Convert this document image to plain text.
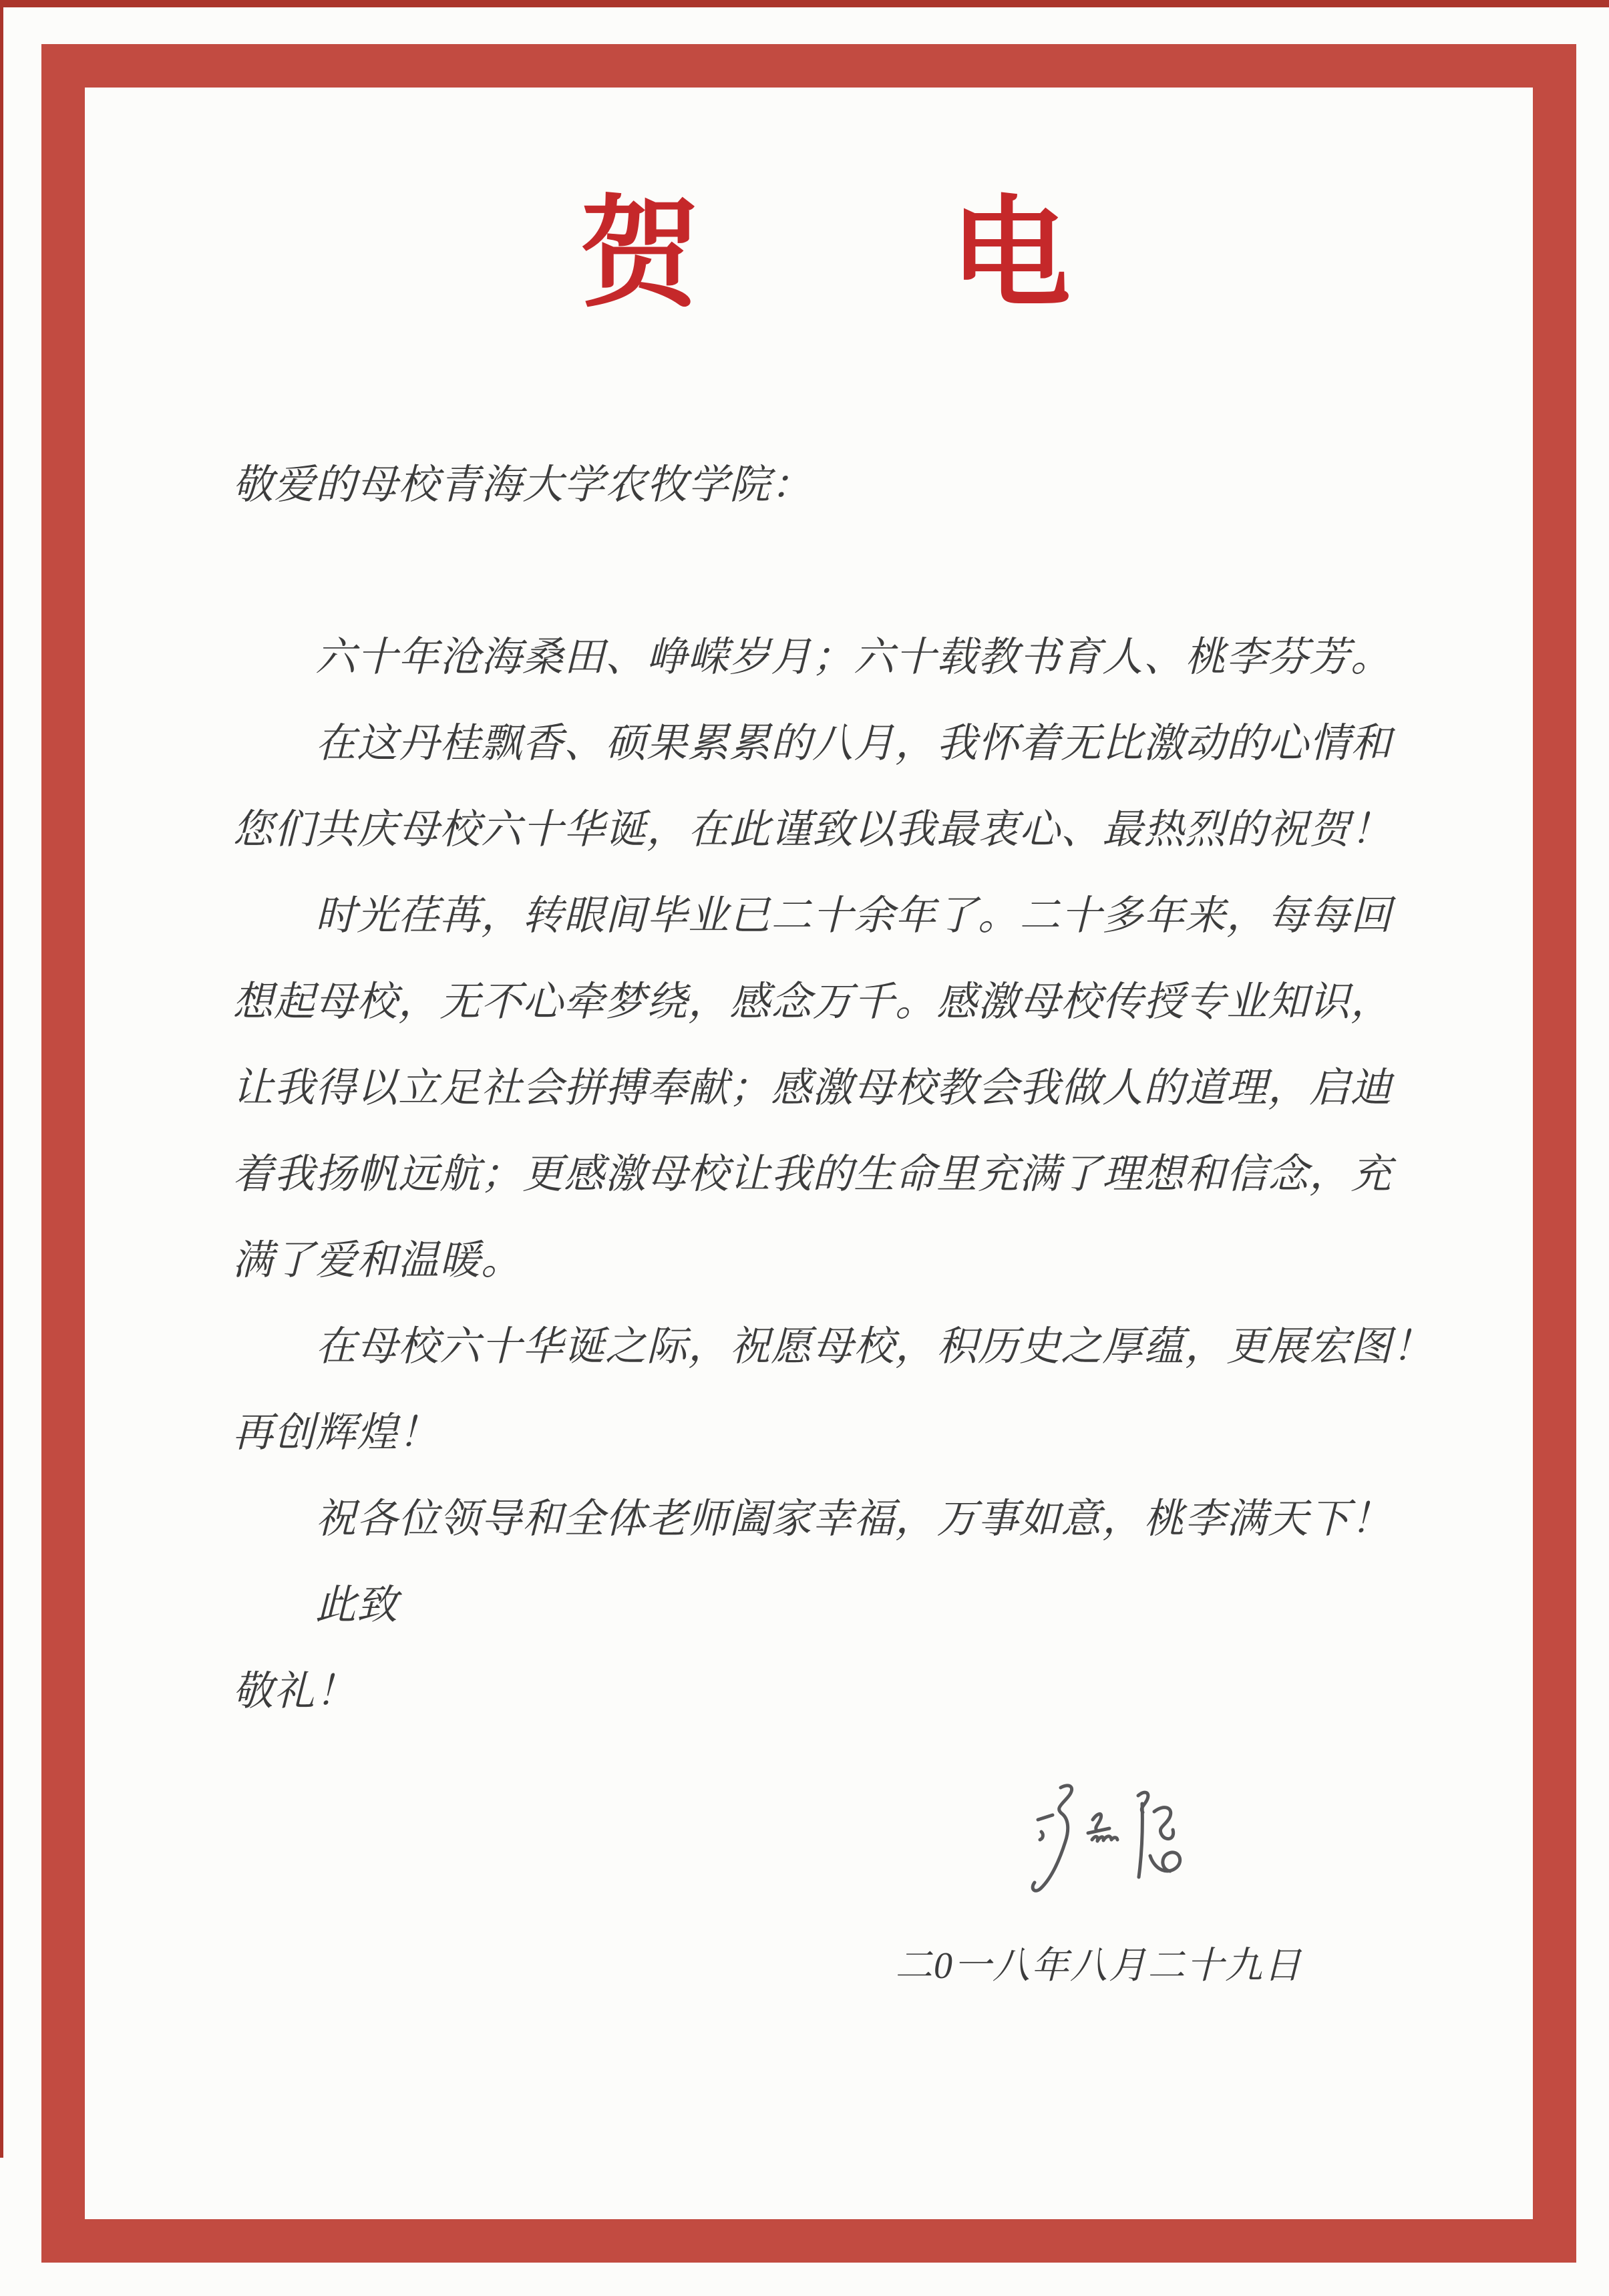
贺 电
敬爱的母校青海大学农牧学院：
六十年沧海桑田、峥嵘岁月；六十载教书育人、桃李芬芳。
在这丹桂飘香、硕果累累的八月，我怀着无比激动的心情和
您们共庆母校六十华诞，在此谨致以我最衷心、最热烈的祝贺！
时光荏苒，转眼间毕业已二十余年了。二十多年来，每每回
想起母校，无不心牵梦绕，感念万千。感激母校传授专业知识，
让我得以立足社会拼搏奉献；感激母校教会我做人的道理，启迪
着我扬帆远航；更感激母校让我的生命里充满了理想和信念，充
满了爱和温暖。
在母校六十华诞之际，祝愿母校，积历史之厚蕴，更展宏图！
再创辉煌！
祝各位领导和全体老师阖家幸福，万事如意，桃李满天下！
此致
敬礼！
二0一八年八月二十九日
